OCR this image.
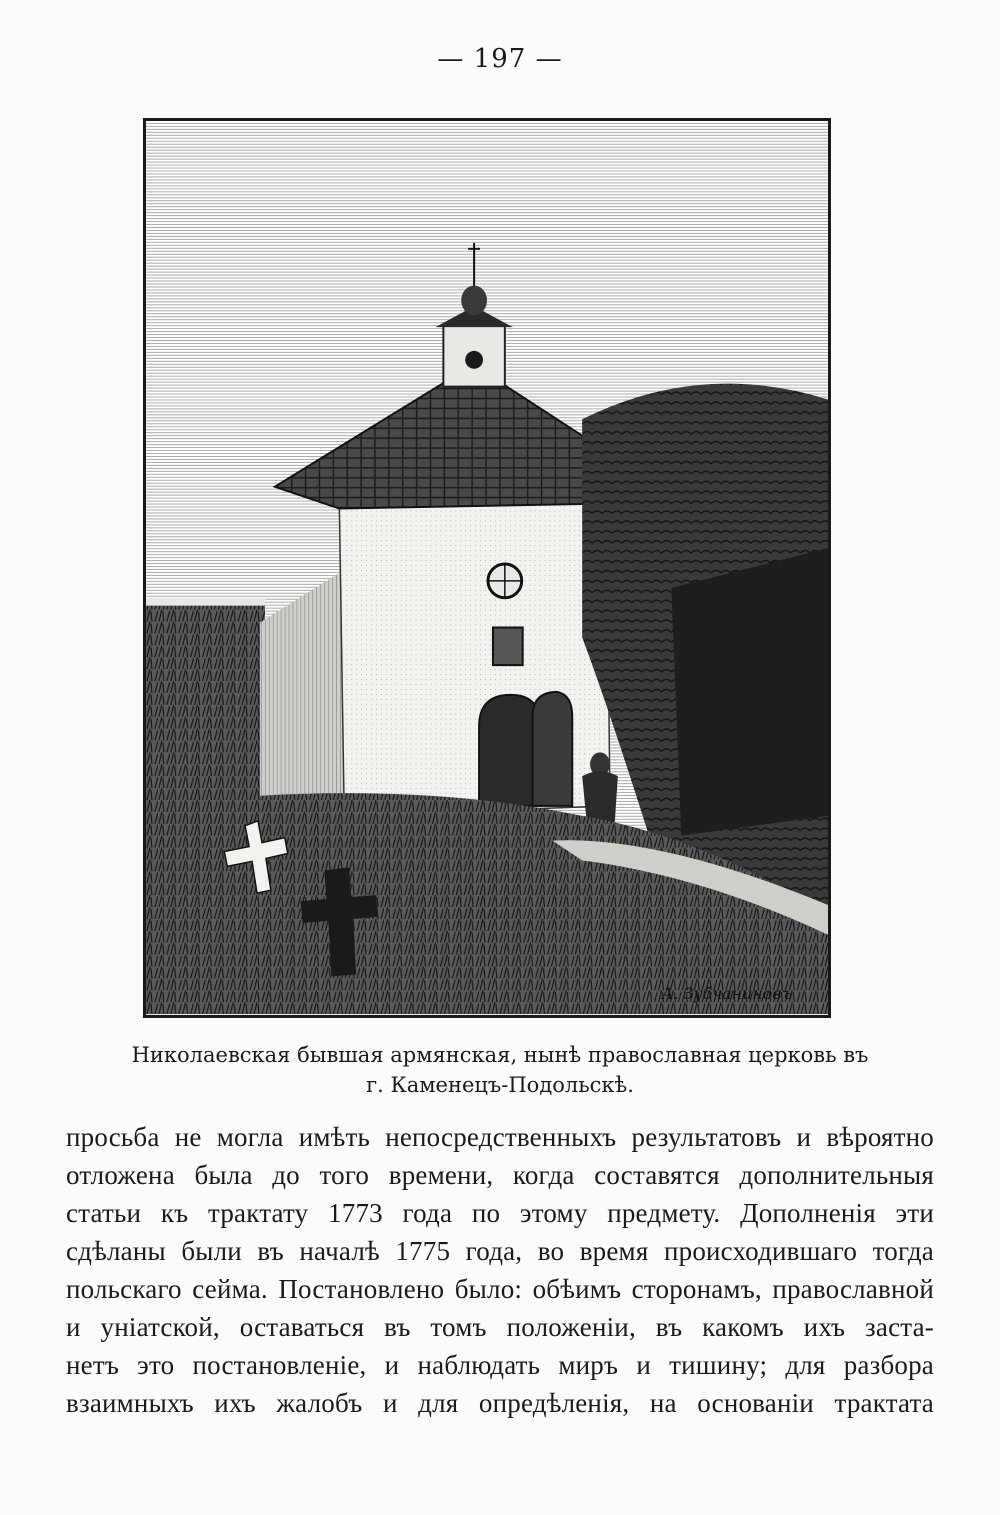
— 197 —
А. Зубчаниновъ
Николаевская бывшая армянская, нынѣ православная церковь въ
г. Каменецъ-Подольскѣ.
просьба не могла имѣть непосредственныхъ результатовъ и вѣроятно
отложена была до того времени, когда составятся дополнительныя
статьи къ трактату 1773 года по этому предмету. Дополненія эти
сдѣланы были въ началѣ 1775 года, во время происходившаго тогда
польскаго сейма. Постановлено было: обѣимъ сторонамъ, православной
и уніатской, оставаться въ томъ положеніи, въ какомъ ихъ заста-
нетъ это постановленіе, и наблюдать миръ и тишину; для разбора
взаимныхъ ихъ жалобъ и для опредѣленія, на основаніи трактата
